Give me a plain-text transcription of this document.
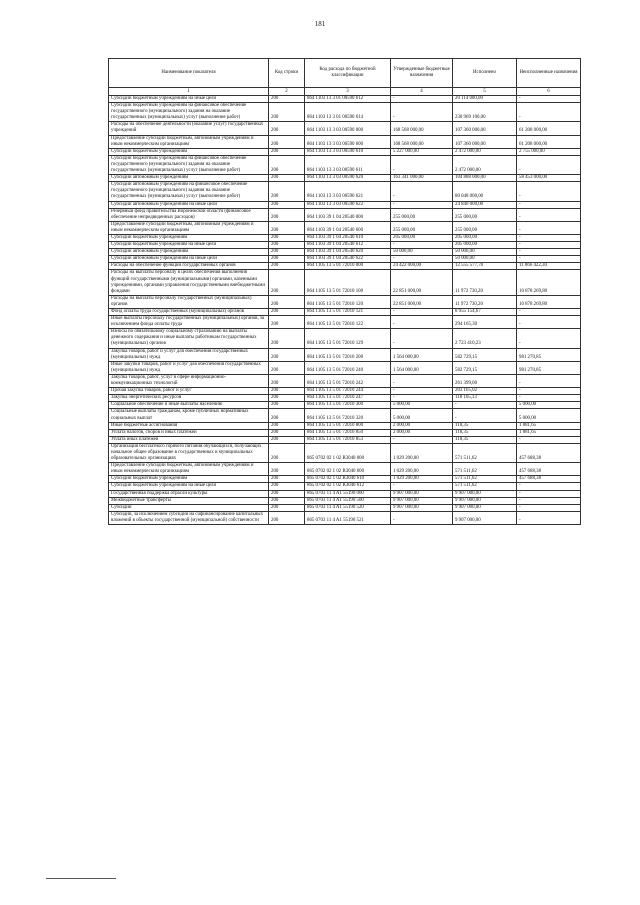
181
Наименование показателя	Код строки	Код расхода по бюджетной классификации	Утвержденные бюджетные назначения	Исполнено	Неисполненные назначения
1	2	3	4	5	6
Субсидии бюджетным учреждениям на иные цели	200	864 1103 13 3 01 00590 612	-	20 114 000,00	-
Субсидии бюджетным учреждениям на финансовое обеспечение государственного (муниципального) задания на оказание государственных (муниципальных) услуг (выполнение работ)	200	864 1103 13 3 01 00590 614	-	230 969 100,00	-
Расходы на обеспечение деятельности (оказание услуг) государственных учреждений	200	864 1103 13 3 03 00590 000	168 568 000,00	107 360 000,00	61 208 000,00
Предоставление субсидий бюджетным, автономным учреждениям и иным некоммерческим организациям	200	864 1103 13 3 03 00590 600	168 568 000,00	107 360 000,00	61 208 000,00
Субсидии бюджетным учреждениям	200	864 1103 13 3 03 00590 610	5 227 000,00	2 472 000,00	2 755 000,00
Субсидии бюджетным учреждениям на финансовое обеспечение государственного (муниципального) задания на оказание государственных (муниципальных) услуг (выполнение работ)	200	864 1103 13 3 03 00590 611	-	2 472 000,00	-
Субсидии автономным учреждениям	200	864 1103 13 3 03 00590 620	163 341 000,00	104 888 000,00	58 453 000,00
Субсидии автономным учреждениям на финансовое обеспечение государственного (муниципального) задания на оказание государственных (муниципальных) услуг (выполнение работ)	200	864 1103 13 3 03 00590 621	-	80 048 000,00	-
Субсидии автономным учреждениям на иные цели	200	864 1103 13 3 03 00590 622	-	24 840 000,00	-
Резервный фонд правительства Воронежской области (финансовое обеспечение непредвиденных расходов)	200	864 1103 39 1 04 20540 000	255 000,00	255 000,00	-
Предоставление субсидий бюджетным, автономным учреждениям и иным некоммерческим организациям	200	864 1103 39 1 04 20540 600	255 000,00	255 000,00	-
Субсидии бюджетным учреждениям	200	864 1103 39 1 04 20540 610	205 000,00	205 000,00	-
Субсидии бюджетным учреждениям на иные цели	200	864 1103 39 1 04 20540 612	-	205 000,00	-
Субсидии автономным учреждениям	200	864 1103 39 1 04 20540 620	50 000,00	50 000,00	-
Субсидии автономным учреждениям на иные цели	200	864 1103 39 1 04 20540 622	-	50 000,00	-
Расходы на обеспечение функций государственных органов	200	864 1105 13 5 01 72010 000	24 422 000,00	12 555 577,70	11 866 422,30
Расходы на выплаты персоналу в целях обеспечения выполнения функций государственными (муниципальными) органами, казенными учреждениями, органами управления государственными внебюджетными фондами	200	864 1105 13 5 01 72010 100	22 851 000,00	11 972 730,20	10 878 269,80
Расходы на выплаты персоналу государственных (муниципальных) органов	200	864 1105 13 5 01 72010 120	22 851 000,00	11 972 730,20	10 878 269,80
Фонд оплаты труда государственных (муниципальных) органов	200	864 1105 13 5 01 72010 121	-	8 955 154,67	-
Иные выплаты персоналу государственных (муниципальных) органов, за исключением фонда оплаты труда	200	864 1105 13 5 01 72010 122	-	294 165,30	-
Взносы по обязательному социальному страхованию на выплаты денежного содержания и иные выплаты работникам государственных (муниципальных) органов	200	864 1105 13 5 01 72010 129	-	2 723 410,23	-
Закупка товаров, работ и услуг для обеспечения государственных (муниципальных) нужд	200	864 1105 13 5 01 72010 200	1 564 000,00	582 729,15	981 270,85
Иные закупки товаров, работ и услуг для обеспечения государственных (муниципальных) нужд	200	864 1105 13 5 01 72010 240	1 564 000,00	582 729,15	981 270,85
Закупка товаров, работ, услуг в сфере информационно-коммуникационных технологий	200	864 1105 13 5 01 72010 242	-	261 399,00	-
Прочая закупка товаров, работ и услуг	200	864 1105 13 5 01 72010 244	-	203 165,02	-
Закупка энергетических ресурсов	200	864 1105 13 5 01 72010 247	-	118 165,13	-
Социальное обеспечение и иные выплаты населению	200	864 1105 13 5 01 72010 300	5 000,00	-	5 000,00
Социальные выплаты гражданам, кроме публичных нормативных социальных выплат	200	864 1105 13 5 01 72010 320	5 000,00	-	5 000,00
Иные бюджетные ассигнования	200	864 1105 13 5 01 72010 800	2 000,00	118,35	1 881,65
Уплата налогов, сборов и иных платежей	200	864 1105 13 5 01 72010 850	2 000,00	118,35	1 881,65
Уплата иных платежей	200	864 1105 13 5 01 72010 853	-	118,35	-
Организация бесплатного горячего питания обучающихся, получающих начальное общее образование в государственных и муниципальных образовательных организациях	200	865 0702 02 1 02 R3040 000	1 029 200,00	571 511,62	457 688,38
Предоставление субсидий бюджетным, автономным учреждениям и иным некоммерческим организациям	200	865 0702 02 1 02 R3040 600	1 029 200,00	571 511,62	457 688,38
Субсидии бюджетным учреждениям	200	865 0702 02 1 02 R3040 610	1 029 200,00	571 511,62	457 688,38
Субсидии бюджетным учреждениям на иные цели	200	865 0702 02 1 02 R3040 612	-	571 511,62	-
Государственная поддержка отрасли культуры	200	865 0703 11 4 A1 55190 000	9 907 000,00	9 907 000,00	-
Межбюджетные трансферты	200	865 0703 11 4 A1 55190 500	9 907 000,00	9 907 000,00	-
Субсидии	200	865 0703 11 4 A1 55190 520	9 907 000,00	9 907 000,00	-
Субсидии, за исключением субсидий на софинансирование капитальных вложений в объекты государственной (муниципальной) собственности	200	865 0703 11 4 A1 55190 521	-	9 907 000,00	-
